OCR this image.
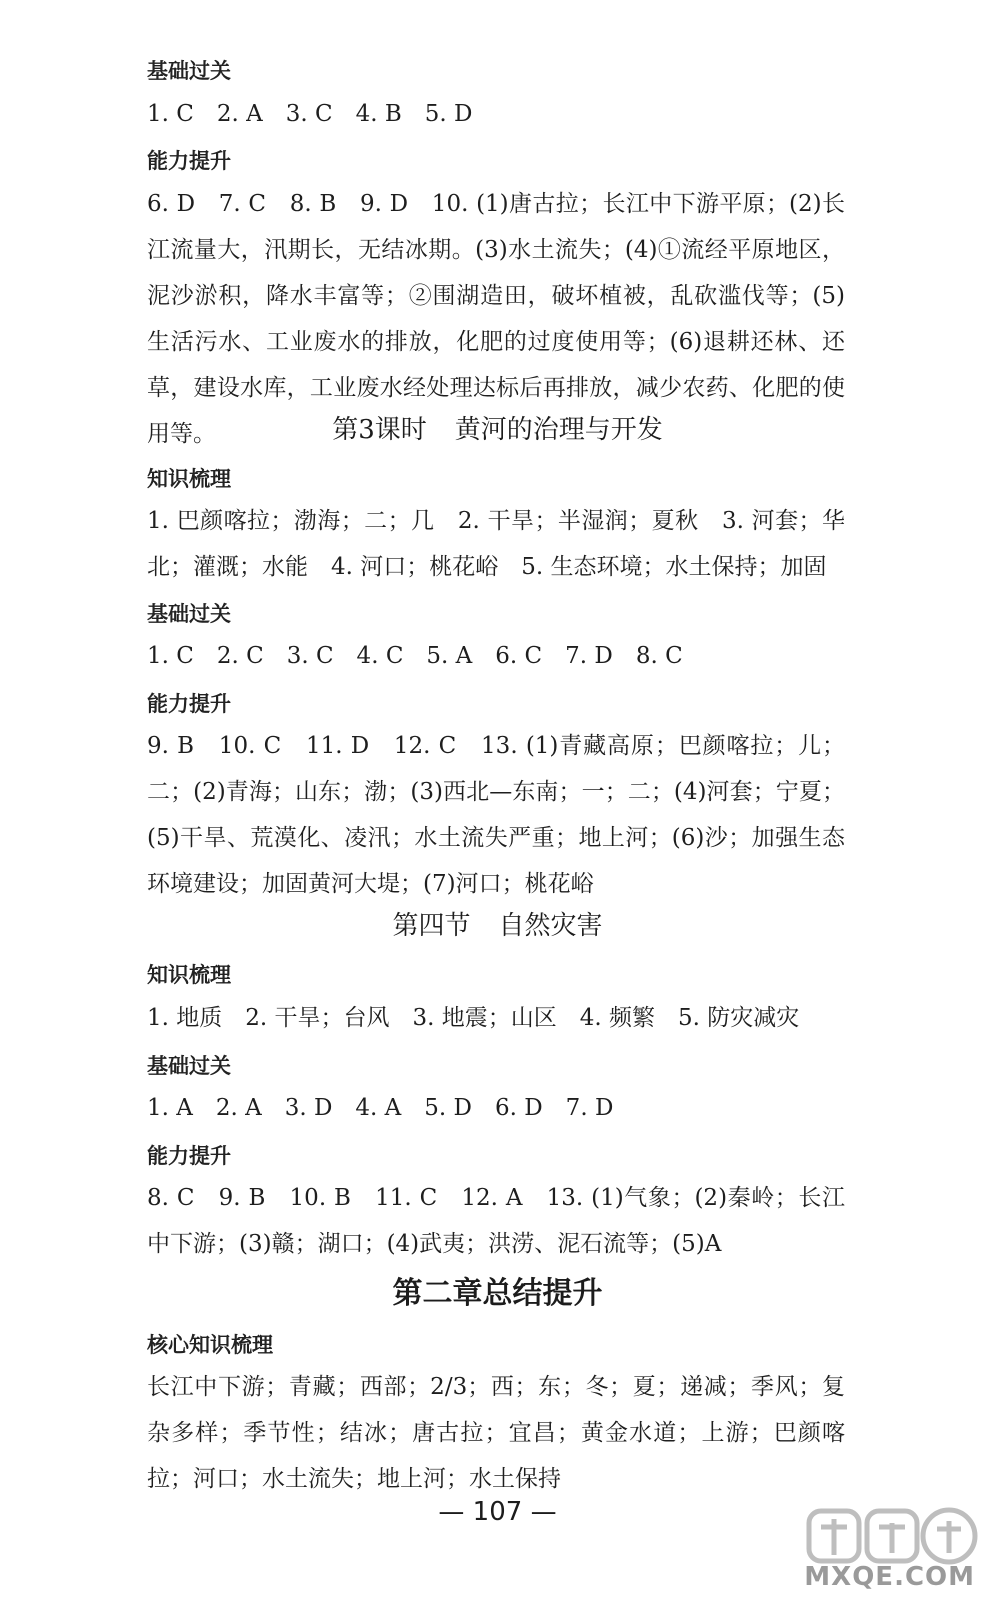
基础过关
1. C　2. A　3. C　4. B　5. D
能力提升
6. D　7. C　8. B　9. D　10. (1)唐古拉；长江中下游平原；(2)长江流量大，汛期长，无结冰期。(3)水土流失；(4)①流经平原地区，泥沙淤积，降水丰富等；②围湖造田，破坏植被，乱砍滥伐等；(5)生活污水、工业废水的排放，化肥的过度使用等；(6)退耕还林、还草，建设水库，工业废水经处理达标后再排放，减少农药、化肥的使用等。	第3课时 黄河的治理与开发
知识梳理
1. 巴颜喀拉；渤海；二；几　2. 干旱；半湿润；夏秋　3. 河套；华北；灌溉；水能　4. 河口；桃花峪　5. 生态环境；水土保持；加固
基础过关
1. C　2. C　3. C　4. C　5. A　6. C　7. D　8. C
能力提升
9. B　10. C　11. D　12. C　13. (1)青藏高原；巴颜喀拉；儿；二；(2)青海；山东；渤；(3)西北—东南；一；二；(4)河套；宁夏；(5)干旱、荒漠化、凌汛；水土流失严重；地上河；(6)沙；加强生态环境建设；加固黄河大堤；(7)河口；桃花峪
第四节 自然灾害
知识梳理
1. 地质　2. 干旱；台风　3. 地震；山区　4. 频繁　5. 防灾减灾
基础过关
1. A　2. A　3. D　4. A　5. D　6. D　7. D
能力提升
8. C　9. B　10. B　11. C　12. A　13. (1)气象；(2)秦岭；长江中下游；(3)赣；湖口；(4)武夷；洪涝、泥石流等；(5)A
第二章总结提升
核心知识梳理
长江中下游；青藏；西部；2/3；西；东；冬；夏；递减；季风；复杂多样；季节性；结冰；唐古拉；宜昌；黄金水道；上游；巴颜喀拉；河口；水土流失；地上河；水土保持
— 107 —
MXQE.COM
